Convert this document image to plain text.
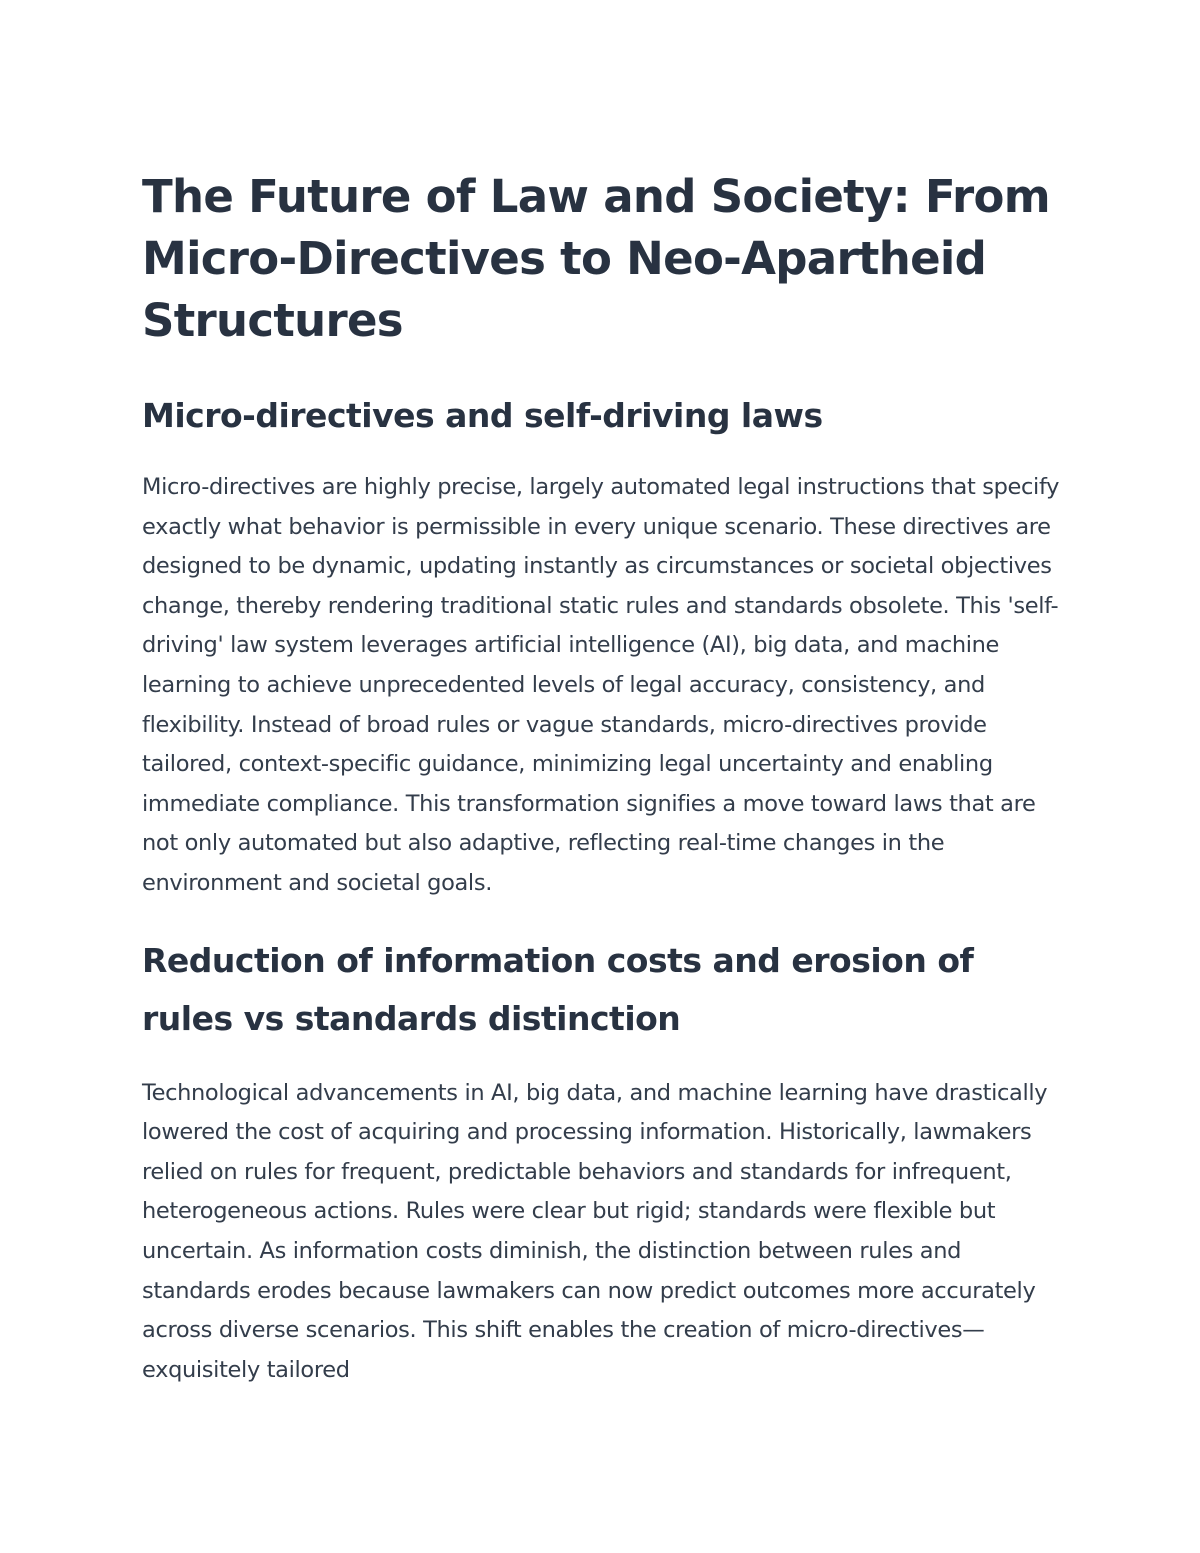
The Future of Law and Society: From Micro-Directives to Neo-Apartheid Structures
Micro-directives and self-driving laws

Micro-directives are highly precise, largely automated legal instructions that specify exactly what behavior is permissible in every unique scenario. These directives are designed to be dynamic, updating instantly as circumstances or societal objectives change, thereby rendering traditional static rules and standards obsolete. This 'self-driving' law system leverages artificial intelligence (AI), big data, and machine learning to achieve unprecedented levels of legal accuracy, consistency, and flexibility. Instead of broad rules or vague standards, micro-directives provide tailored, context-specific guidance, minimizing legal uncertainty and enabling immediate compliance. This transformation signifies a move toward laws that are not only automated but also adaptive, reflecting real-time changes in the environment and societal goals.

Reduction of information costs and erosion of rules vs standards distinction

Technological advancements in AI, big data, and machine learning have drastically lowered the cost of acquiring and processing information. Historically, lawmakers relied on rules for frequent, predictable behaviors and standards for infrequent, heterogeneous actions. Rules were clear but rigid; standards were flexible but uncertain. As information costs diminish, the distinction between rules and standards erodes because lawmakers can now predict outcomes more accurately across diverse scenarios. This shift enables the creation of micro-directives—exquisitely tailored
